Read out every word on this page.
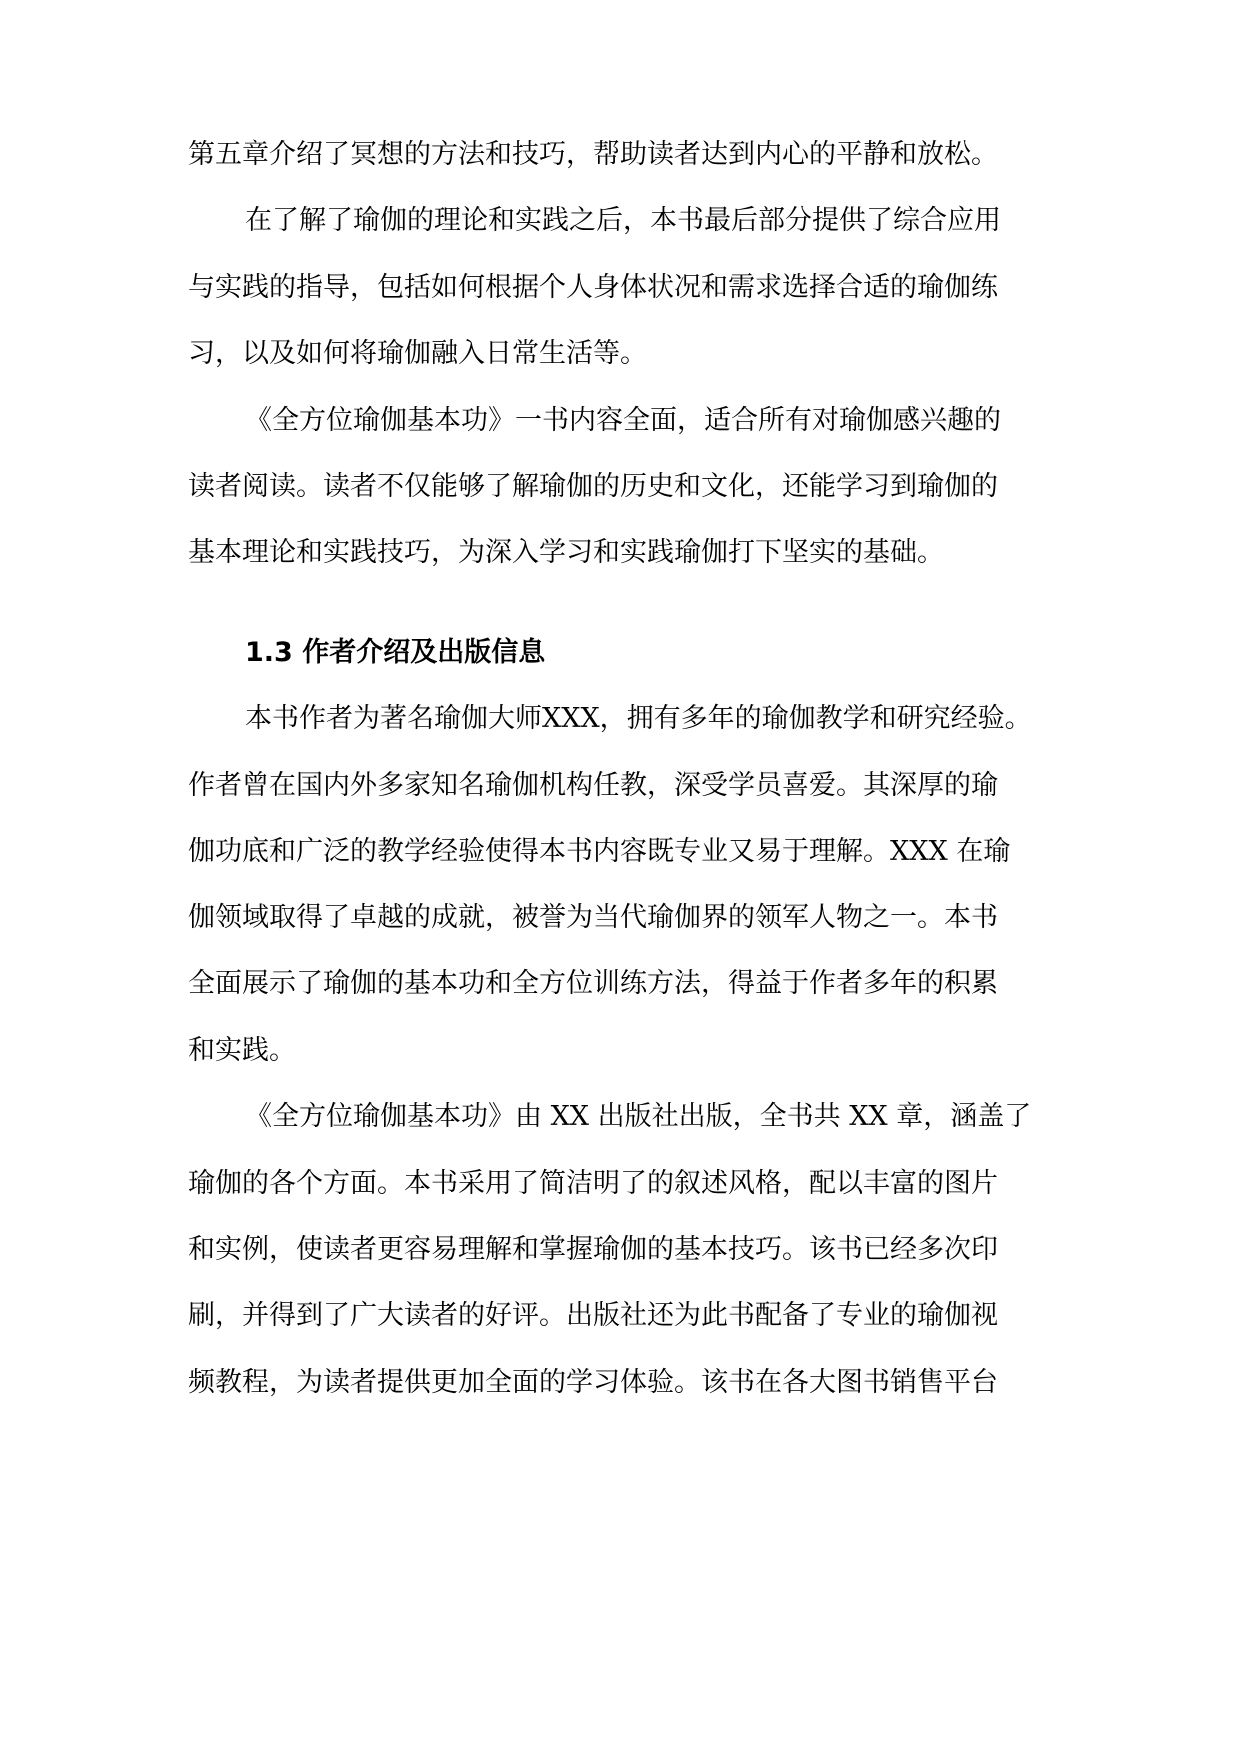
第五章介绍了冥想的方法和技巧，帮助读者达到内心的平静和放松。
在了解了瑜伽的理论和实践之后，本书最后部分提供了综合应用
与实践的指导，包括如何根据个人身体状况和需求选择合适的瑜伽练
习，以及如何将瑜伽融入日常生活等。
《全方位瑜伽基本功》一书内容全面，适合所有对瑜伽感兴趣的
读者阅读。读者不仅能够了解瑜伽的历史和文化，还能学习到瑜伽的
基本理论和实践技巧，为深入学习和实践瑜伽打下坚实的基础。
1.3 作者介绍及出版信息
本书作者为著名瑜伽大师XXX，拥有多年的瑜伽教学和研究经验。
作者曾在国内外多家知名瑜伽机构任教，深受学员喜爱。其深厚的瑜
伽功底和广泛的教学经验使得本书内容既专业又易于理解。XXX 在瑜
伽领域取得了卓越的成就，被誉为当代瑜伽界的领军人物之一。本书
全面展示了瑜伽的基本功和全方位训练方法，得益于作者多年的积累
和实践。
《全方位瑜伽基本功》由 XX 出版社出版，全书共 XX 章，涵盖了
瑜伽的各个方面。本书采用了简洁明了的叙述风格，配以丰富的图片
和实例，使读者更容易理解和掌握瑜伽的基本技巧。该书已经多次印
刷，并得到了广大读者的好评。出版社还为此书配备了专业的瑜伽视
频教程，为读者提供更加全面的学习体验。该书在各大图书销售平台
